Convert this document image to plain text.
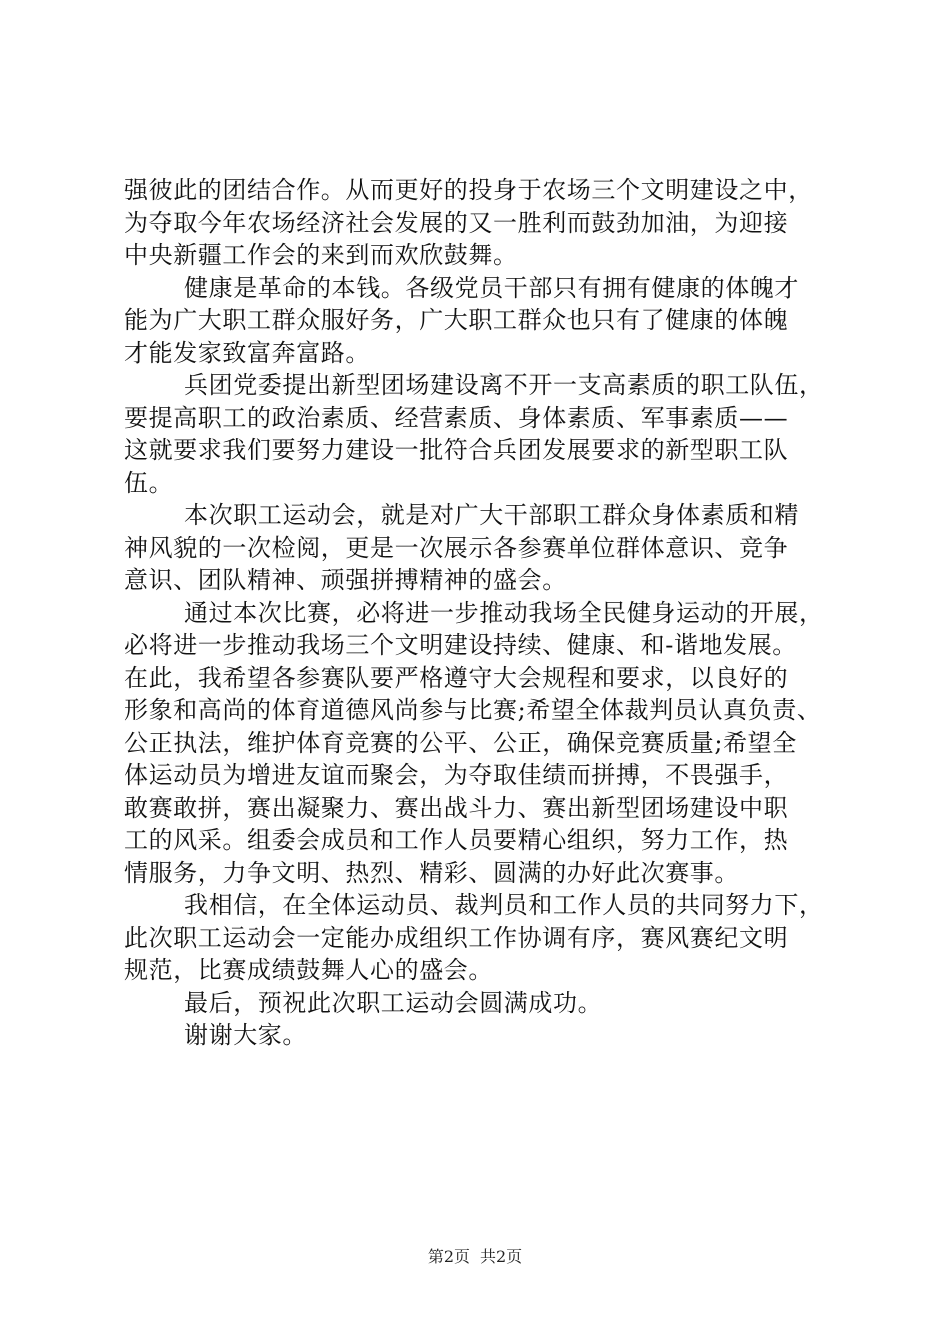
强彼此的团结合作。从而更好的投身于农场三个文明建设之中，

为夺取今年农场经济社会发展的又一胜利而鼓劲加油，为迎接

中央新疆工作会的来到而欢欣鼓舞。

健康是革命的本钱。各级党员干部只有拥有健康的体魄才

能为广大职工群众服好务，广大职工群众也只有了健康的体魄

才能发家致富奔富路。

兵团党委提出新型团场建设离不开一支高素质的职工队伍，

要提高职工的政治素质、经营素质、身体素质、军事素质——

这就要求我们要努力建设一批符合兵团发展要求的新型职工队

伍。

本次职工运动会，就是对广大干部职工群众身体素质和精

神风貌的一次检阅，更是一次展示各参赛单位群体意识、竞争

意识、团队精神、顽强拼搏精神的盛会。

通过本次比赛，必将进一步推动我场全民健身运动的开展，

必将进一步推动我场三个文明建设持续、健康、和-谐地发展。

在此，我希望各参赛队要严格遵守大会规程和要求，以良好的

形象和高尚的体育道德风尚参与比赛;希望全体裁判员认真负责、

公正执法，维护体育竞赛的公平、公正，确保竞赛质量;希望全

体运动员为增进友谊而聚会，为夺取佳绩而拼搏，不畏强手，

敢赛敢拼，赛出凝聚力、赛出战斗力、赛出新型团场建设中职

工的风采。组委会成员和工作人员要精心组织，努力工作，热

情服务，力争文明、热烈、精彩、圆满的办好此次赛事。

我相信，在全体运动员、裁判员和工作人员的共同努力下，

此次职工运动会一定能办成组织工作协调有序，赛风赛纪文明

规范，比赛成绩鼓舞人心的盛会。

最后，预祝此次职工运动会圆满成功。

谢谢大家。

第2页 共2页
